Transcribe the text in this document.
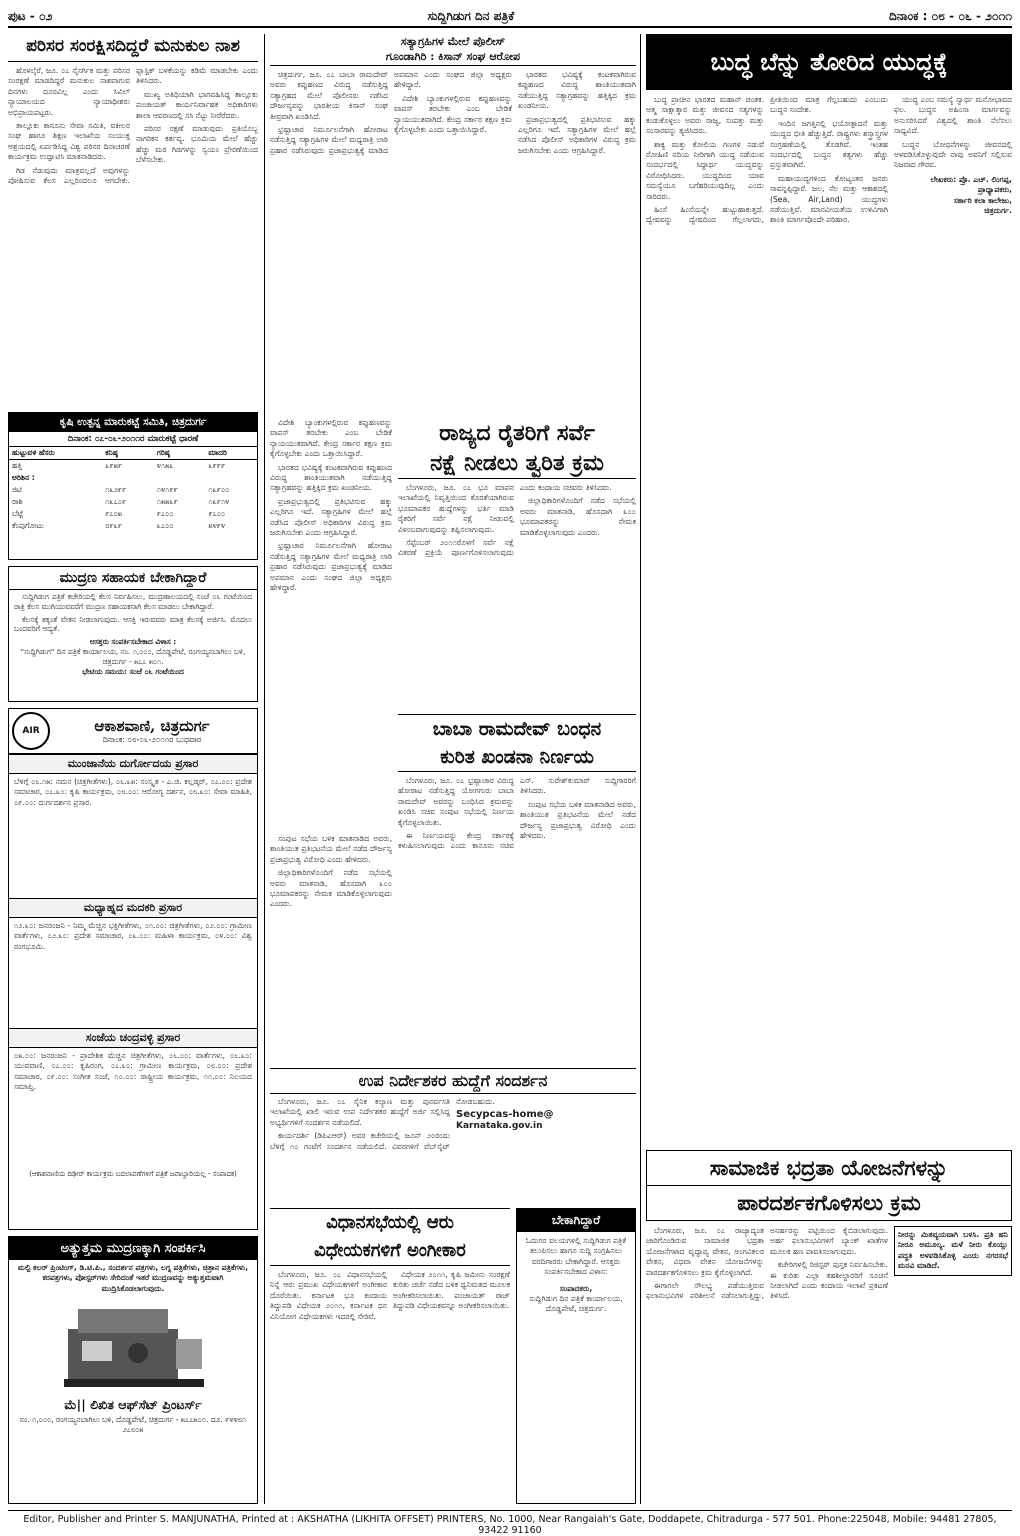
ಪುಟ - ೦೨	ಸುದ್ದಿಗಿಡುಗ ದಿನ ಪತ್ರಿಕೆ	ದಿನಾಂಕ : ೦೮ - ೦೬ - ೨೦೧೧
ಪರಿಸರ ಸಂರಕ್ಷಿಸದಿದ್ದರೆ ಮನುಕುಲ ನಾಶ

ಹೊಳಲ್ಕೆರೆ, ಜೂ. ೦೭ ನೈಸರ್ಗಿಕ ಮತ್ತು ಪರಿಸರ ಸಂರಕ್ಷಣೆ ಮಾಡದಿದ್ದರೆ ಮನುಕುಲ ನಾಶವಾಗುವ ದಿನಗಳು ದೂರವಿಲ್ಲ ಎಂದು ಸಿವಿಲ್ ನ್ಯಾಯಾಲಯದ ನ್ಯಾಯಾಧೀಶರು ಅಭಿಪ್ರಾಯಪಟ್ಟರು.

ತಾಲ್ಲೂಕು ಕಾನೂನು ಸೇವಾ ಸಮಿತಿ, ವಕೀಲರ ಸಂಘ ಹಾಗೂ ಶಿಕ್ಷಣ ಇಲಾಖೆಯ ಸಂಯುಕ್ತ ಆಶ್ರಯದಲ್ಲಿ ಏರ್ಪಡಿಸಿದ್ದ ವಿಶ್ವ ಪರಿಸರ ದಿನಾಚರಣೆ ಕಾರ್ಯಕ್ರಮ ಉದ್ಘಾಟಿಸಿ ಮಾತನಾಡಿದರು.

ಗಿಡ ನೆಡುವುದು ಮಾತ್ರವಲ್ಲದೆ ಅವುಗಳನ್ನು ಪೋಷಿಸುವ ಕೆಲಸ ಎಲ್ಲರಿಂದಲೂ ಆಗಬೇಕು. ಪ್ಲಾಸ್ಟಿಕ್ ಬಳಕೆಯನ್ನು ಕಡಿಮೆ ಮಾಡಬೇಕು ಎಂದು ತಿಳಿಸಿದರು.

ಮುಖ್ಯ ಅತಿಥಿಯಾಗಿ ಭಾಗವಹಿಸಿದ್ದ ತಾಲ್ಲೂಕು ಪಂಚಾಯತ್ ಕಾರ್ಯನಿರ್ವಾಹಕ ಅಧಿಕಾರಿಗಳು ಶಾಲಾ ಆವರಣದಲ್ಲಿ ಸಸಿ ನೆಟ್ಟು ನೀರೆರೆದರು.

ಪರಿಸರ ರಕ್ಷಣೆ ಮಾಡುವುದು ಪ್ರತಿಯೊಬ್ಬ ನಾಗರಿಕನ ಕರ್ತವ್ಯ. ಭೂಮಿಯ ಮೇಲೆ ಹೆಚ್ಚು ಹೆಚ್ಚು ಮರ ಗಿಡಗಳನ್ನು ಸ್ವಯಂ ಪ್ರೇರಣೆಯಿಂದ ಬೆಳೆಸಬೇಕು.

ಕೃಷಿ ಉತ್ಪನ್ನ ಮಾರುಕಟ್ಟೆ ಸಮಿತಿ, ಚಿತ್ರದುರ್ಗ
ದಿನಾಂಕ: ೦೭-೦೬-೨೦೧೧ರ ಮಾರುಕಟ್ಟೆ ಧಾರಣೆ
ಹುಟ್ಟುವಳಿ ಹೆಸರು	ಕನಿಷ್ಠ	ಗರಿಷ್ಠ	ಮಾದರಿ
ಹತ್ತಿ	೩೯೫೯	೪೧೫೩	೩೯೯೯
ಅರಿಶಿನ :			
ಜಿಟಿ	೧೩೨೯೯	೧೪೧೯೯	೧೩೯೦೦
ರಾಶಿ	೧೩೭೦೯	೧೫೫೩೯	೧೩೯೧೪
ಬೆಟ್ಟೆ	೯೭೦೫	೯೭೦೦	೯೭೦೦
ಕೆಂಪುಗೋಟು	೮೯೩೯	೩೭೦೦	೫೪೯೪
ಮುದ್ರಣ ಸಹಾಯಕ ಬೇಕಾಗಿದ್ದಾರೆ

ಸುದ್ದಿಗಿಡುಗ ಪತ್ರಿಕೆ ಕಚೇರಿಯಲ್ಲಿ ಕೆಲಸ ನಿರ್ವಹಿಸಲು, ಮುದ್ರಣಾಲಯದಲ್ಲಿ ಸಂಜೆ ೦೬ ಗಂಟೆಯಿಂದ ರಾತ್ರಿ ಕೆಲಸ ಮುಗಿಯುವವರೆಗೆ ಮುದ್ರಣ ಸಹಾಯಕನಾಗಿ ಕೆಲಸ ಮಾಡಲು ಬೇಕಾಗಿದ್ದಾರೆ.

ಕೆಲಸಕ್ಕೆ ತಕ್ಕಂತೆ ವೇತನ ನೀಡಲಾಗುವುದು. ಆಸಕ್ತಿ ಇರುವವರು ಮಾತ್ರ ಕೆಲಸಕ್ಕೆ ಅರ್ಜಿಸಿ. ಮೊದಲು ಬಂದವರಿಗೆ ಆದ್ಯತೆ.

ಆಸಕ್ತರು ಸಂಪರ್ಕಿಸಬೇಕಾದ ವಿಳಾಸ :
"ಸುದ್ದಿಗಿಡುಗ" ದಿನ ಪತ್ರಿಕೆ ಕಾರ್ಯಾಲಯ, ನಂ. ೧,೦೦೦, ದೊಡ್ಡಪೇಟೆ, ರಂಗಯ್ಯನಬಾಗಿಲು ಬಳಿ, ಚಿತ್ರದುರ್ಗ - ೫೭೭ ೫೦೧.
ಭೇಟಿಯ ಸಮಯ: ಸಂಜೆ ೦೬ ಗಂಟೆಯಿಂದ
AIR	ಆಕಾಶವಾಣಿ, ಚಿತ್ರದುರ್ಗ
ದಿನಾಂಕ: ೦೮-೦೬-೨೦೧೧ರ ಬುಧವಾರ
ಮುಂಜಾನೆಯ ದುರ್ಗೋದಯ ಪ್ರಸಾರ
ಬೆಳಿಗ್ಗೆ ೦೬.೧೫: ನಮನ (ಚಿತ್ರಗೀತೆಗಳು), ೦೬.೩೫: ಸಂಸ್ಕೃತ - ಎ.ಜಿ. ಕಲ್ಲಡ್ಕರ್, ೦೭.೦೦: ಪ್ರದೇಶ ಸಮಾಚಾರ, ೦೭.೩೦: ಕೃಷಿ ಕಾರ್ಯಕ್ರಮ, ೦೮.೦೦: ಆರೋಗ್ಯ ದರ್ಶನ, ೦೮.೩೦: ಸೇವಾ ಮಾಹಿತಿ, ೦೯.೦೦: ದುರ್ಗದರ್ಶನ ಪ್ರಸಾರ.
ಮಧ್ಯಾಹ್ನದ ಮದಕರಿ ಪ್ರಸಾರ
೧೨.೩೦: ಜನರಂಜನಿ - ನಿಮ್ಮ ಮೆಚ್ಚಿನ ಭಕ್ತಿಗೀತೆಗಳು, ೦೧.೦೦: ಚಿತ್ರಗೀತೆಗಳು, ೦೨.೦೦: ಗ್ರಾಮೀಣ ವಾರ್ತೆಗಳು, ೦೨.೩೦: ಪ್ರದೇಶ ಸಮಾಚಾರ, ೦೩.೦೦: ಮಹಿಳಾ ಕಾರ್ಯಕ್ರಮ, ೦೪.೦೦: ವಿಶ್ವ ರಂಗಭೂಮಿ.
ಸಂಜೆಯ ಚಂದ್ರವಳ್ಳಿ ಪ್ರಸಾರ
೦೫.೦೦: ಜನರಂಜನಿ - ಪ್ರಾದೇಶಿಕ ಮೆಚ್ಚಿನ ಚಿತ್ರಗೀತೆಗಳು, ೦೬.೦೦: ವಾರ್ತೆಗಳು, ೦೬.೩೦: ಯುವವಾಣಿ, ೦೭.೦೦: ಕೃಷಿರಂಗ, ೦೭.೩೦: ಗ್ರಾಮೀಣ ಕಾರ್ಯಕ್ರಮ, ೦೮.೦೦: ಪ್ರದೇಶ ಸಮಾಚಾರ, ೦೯.೦೦: ಸಂಗೀತ ಸಂಜೆ, ೧೦.೦೦: ರಾಷ್ಟ್ರೀಯ ಕಾರ್ಯಕ್ರಮ, ೧೧.೦೦: ನಿಲಯದ ಸಮಾಪ್ತಿ.
(ಆಕಾಶವಾಣಿಯ ದಿಢೀರ್ ಕಾರ್ಯಕ್ರಮ ಬದಲಾವಣೆಗಳಿಗೆ ಪತ್ರಿಕೆ ಜವಾಬ್ದಾರಿಯಲ್ಲ - ಸಂಪಾದಕ)
ಅತ್ಯುತ್ತಮ ಮುದ್ರಣಕ್ಕಾಗಿ ಸಂಪರ್ಕಿಸಿ
ಮಲ್ಟಿ ಕಲರ್ ಪ್ರಿಂಟಿಂಗ್, ಡಿ.ಟಿ.ಪಿ., ಸಂದರ್ಶನ ಪತ್ರಗಳು, ಲಗ್ನ ಪತ್ರಿಕೆಗಳು, ಚಿತ್ರಾನ ಪತ್ರಿಕೆಗಳು, ಕರಪತ್ರಗಳು, ಪೋಸ್ಟರ್‌ಗಳು ಸೇರಿದಂತೆ ಇತರೆ ಮುದ್ರಣವನ್ನು ಅತ್ಯುತ್ತಮವಾಗಿ ಮುದ್ರಿಸಿಕೊಡಲಾಗುವುದು.
ಮೆ|| ಲಿಖಿತ ಆಫ್‌ಸೆಟ್ ಪ್ರಿಂಟರ್ಸ್
ನಂ. ೧,೦೦೦, ರಂಗಯ್ಯನಬಾಗಿಲು ಬಳಿ, ದೊಡ್ಡಪೇಟೆ, ಚಿತ್ರದುರ್ಗ - ೫೭೭೫೦೧. ದೂ. ೯೪೪೮೧ ೨೭೮೦೫
ಸತ್ಯಾಗ್ರಹಿಗಳ ಮೇಲೆ ಪೊಲೀಸ್
ಗೂಂಡಾಗಿರಿ : ಕಿಸಾನ್ ಸಂಘ ಆರೋಪ

ಚಿತ್ರದುರ್ಗ, ಜೂ. ೦೭ ಬಾಬಾ ರಾಮದೇವ್ ಅವರು ಕಪ್ಪುಹಣದ ವಿರುದ್ಧ ನಡೆಸುತ್ತಿದ್ದ ಸತ್ಯಾಗ್ರಹದ ಮೇಲೆ ಪೊಲೀಸರು ನಡೆಸಿದ ದೌರ್ಜನ್ಯವನ್ನು ಭಾರತೀಯ ಕಿಸಾನ್ ಸಂಘ ತೀವ್ರವಾಗಿ ಖಂಡಿಸಿದೆ.

ಭ್ರಷ್ಟಾಚಾರ ನಿರ್ಮೂಲನೆಗಾಗಿ ಹೋರಾಟ ನಡೆಸುತ್ತಿದ್ದ ಸತ್ಯಾಗ್ರಹಿಗಳ ಮೇಲೆ ಮಧ್ಯರಾತ್ರಿ ಲಾಠಿ ಪ್ರಹಾರ ನಡೆಸಿರುವುದು ಪ್ರಜಾಪ್ರಭುತ್ವಕ್ಕೆ ಮಾಡಿದ ಅಪಮಾನ ಎಂದು ಸಂಘದ ಜಿಲ್ಲಾ ಅಧ್ಯಕ್ಷರು ಹೇಳಿದ್ದಾರೆ.

ವಿದೇಶಿ ಬ್ಯಾಂಕುಗಳಲ್ಲಿರುವ ಕಪ್ಪುಹಣವನ್ನು ವಾಪಸ್ ತರಬೇಕು ಎಂಬ ಬೇಡಿಕೆ ನ್ಯಾಯಯುತವಾಗಿದೆ. ಕೇಂದ್ರ ಸರ್ಕಾರ ತಕ್ಷಣ ಕ್ರಮ ಕೈಗೊಳ್ಳಬೇಕು ಎಂದು ಒತ್ತಾಯಿಸಿದ್ದಾರೆ.

ಭಾರತದ ಭವಿಷ್ಯಕ್ಕೆ ಕಂಟಕವಾಗಿರುವ ಕಪ್ಪುಹಣದ ವಿರುದ್ಧ ಶಾಂತಿಯುತವಾಗಿ ನಡೆಯುತ್ತಿದ್ದ ಸತ್ಯಾಗ್ರಹವನ್ನು ಹತ್ತಿಕ್ಕಿದ ಕ್ರಮ ಖಂಡನೀಯ.

ಪ್ರಜಾಪ್ರಭುತ್ವದಲ್ಲಿ ಪ್ರತಿಭಟಿಸುವ ಹಕ್ಕು ಎಲ್ಲರಿಗೂ ಇದೆ. ಸತ್ಯಾಗ್ರಹಿಗಳ ಮೇಲೆ ಹಲ್ಲೆ ನಡೆಸಿದ ಪೊಲೀಸ್ ಅಧಿಕಾರಿಗಳ ವಿರುದ್ಧ ಕ್ರಮ ಜರುಗಿಸಬೇಕು ಎಂದು ಆಗ್ರಹಿಸಿದ್ದಾರೆ.

ರಾಜ್ಯದ ರೈತರಿಗೆ ಸರ್ವೆ
ನಕ್ಷೆ ನೀಡಲು ತ್ವರಿತ ಕ್ರಮ

ಬೆಂಗಳೂರು, ಜೂ. ೦೭ ಭೂ ಮಾಪನ ಇಲಾಖೆಯಲ್ಲಿ ನಿವೃತ್ತಿಯಿಂದ ಕೊರತೆಯಾಗಿರುವ ಭೂಮಾಪಕರ ಹುದ್ದೆಗಳನ್ನು ಭರ್ತಿ ಮಾಡಿ ರೈತರಿಗೆ ಸರ್ವೆ ನಕ್ಷೆ ನೀಡುವಲ್ಲಿ ವಿಳಂಬವಾಗುವುದನ್ನು ತಪ್ಪಿಸಲಾಗುವುದು.

ಸೆಪ್ಟೆಂಬರ್ ೨೦೧೧ರೊಳಗೆ ಸರ್ವೆ ನಕ್ಷೆ ವಿತರಣೆ ಪ್ರಕ್ರಿಯೆ ಪೂರ್ಣಗೊಳಿಸಲಾಗುವುದು ಎಂದು ಕಂದಾಯ ಸಚಿವರು ತಿಳಿಸಿದರು.

ಜಿಲ್ಲಾಧಿಕಾರಿಗಳೊಂದಿಗೆ ನಡೆದ ಸಭೆಯಲ್ಲಿ ಅವರು ಮಾತನಾಡಿ, ಹೊಸದಾಗಿ ೩೦೦ ಭೂಮಾಪಕರನ್ನು ನೇಮಕ ಮಾಡಿಕೊಳ್ಳಲಾಗುವುದು ಎಂದರು.

ವಿದೇಶಿ ಬ್ಯಾಂಕುಗಳಲ್ಲಿರುವ ಕಪ್ಪುಹಣವನ್ನು ವಾಪಸ್ ತರಬೇಕು ಎಂಬ ಬೇಡಿಕೆ ನ್ಯಾಯಯುತವಾಗಿದೆ. ಕೇಂದ್ರ ಸರ್ಕಾರ ತಕ್ಷಣ ಕ್ರಮ ಕೈಗೊಳ್ಳಬೇಕು ಎಂದು ಒತ್ತಾಯಿಸಿದ್ದಾರೆ.

ಭಾರತದ ಭವಿಷ್ಯಕ್ಕೆ ಕಂಟಕವಾಗಿರುವ ಕಪ್ಪುಹಣದ ವಿರುದ್ಧ ಶಾಂತಿಯುತವಾಗಿ ನಡೆಯುತ್ತಿದ್ದ ಸತ್ಯಾಗ್ರಹವನ್ನು ಹತ್ತಿಕ್ಕಿದ ಕ್ರಮ ಖಂಡನೀಯ.

ಪ್ರಜಾಪ್ರಭುತ್ವದಲ್ಲಿ ಪ್ರತಿಭಟಿಸುವ ಹಕ್ಕು ಎಲ್ಲರಿಗೂ ಇದೆ. ಸತ್ಯಾಗ್ರಹಿಗಳ ಮೇಲೆ ಹಲ್ಲೆ ನಡೆಸಿದ ಪೊಲೀಸ್ ಅಧಿಕಾರಿಗಳ ವಿರುದ್ಧ ಕ್ರಮ ಜರುಗಿಸಬೇಕು ಎಂದು ಆಗ್ರಹಿಸಿದ್ದಾರೆ.

ಭ್ರಷ್ಟಾಚಾರ ನಿರ್ಮೂಲನೆಗಾಗಿ ಹೋರಾಟ ನಡೆಸುತ್ತಿದ್ದ ಸತ್ಯಾಗ್ರಹಿಗಳ ಮೇಲೆ ಮಧ್ಯರಾತ್ರಿ ಲಾಠಿ ಪ್ರಹಾರ ನಡೆಸಿರುವುದು ಪ್ರಜಾಪ್ರಭುತ್ವಕ್ಕೆ ಮಾಡಿದ ಅಪಮಾನ ಎಂದು ಸಂಘದ ಜಿಲ್ಲಾ ಅಧ್ಯಕ್ಷರು ಹೇಳಿದ್ದಾರೆ.

ಬಾಬಾ ರಾಮದೇವ್ ಬಂಧನ
ಕುರಿತ ಖಂಡನಾ ನಿರ್ಣಯ

ಬೆಂಗಳೂರು, ಜೂ. ೦೭ ಭ್ರಷ್ಟಾಚಾರ ವಿರುದ್ಧ ಹೋರಾಟ ನಡೆಸುತ್ತಿದ್ದ ಯೋಗಗುರು ಬಾಬಾ ರಾಮದೇವ್ ಅವರನ್ನು ಬಂಧಿಸಿದ ಕ್ರಮವನ್ನು ಖಂಡಿಸಿ ಸಚಿವ ಸಂಪುಟ ಸಭೆಯಲ್ಲಿ ನಿರ್ಣಯ ಕೈಗೊಳ್ಳಲಾಯಿತು.

ಈ ನಿರ್ಣಯವನ್ನು ಕೇಂದ್ರ ಸರ್ಕಾರಕ್ಕೆ ಕಳುಹಿಸಲಾಗುವುದು ಎಂದು ಕಾನೂನು ಸಚಿವ ಎಸ್. ಸುರೇಶ್‌ಕುಮಾರ್ ಸುದ್ದಿಗಾರರಿಗೆ ತಿಳಿಸಿದರು.

ಸಂಪುಟ ಸಭೆಯ ಬಳಿಕ ಮಾತನಾಡಿದ ಅವರು, ಶಾಂತಿಯುತ ಪ್ರತಿಭಟನೆಯ ಮೇಲೆ ನಡೆದ ದೌರ್ಜನ್ಯ ಪ್ರಜಾಪ್ರಭುತ್ವ ವಿರೋಧಿ ಎಂದು ಹೇಳಿದರು.

ಸಂಪುಟ ಸಭೆಯ ಬಳಿಕ ಮಾತನಾಡಿದ ಅವರು, ಶಾಂತಿಯುತ ಪ್ರತಿಭಟನೆಯ ಮೇಲೆ ನಡೆದ ದೌರ್ಜನ್ಯ ಪ್ರಜಾಪ್ರಭುತ್ವ ವಿರೋಧಿ ಎಂದು ಹೇಳಿದರು.

ಜಿಲ್ಲಾಧಿಕಾರಿಗಳೊಂದಿಗೆ ನಡೆದ ಸಭೆಯಲ್ಲಿ ಅವರು ಮಾತನಾಡಿ, ಹೊಸದಾಗಿ ೩೦೦ ಭೂಮಾಪಕರನ್ನು ನೇಮಕ ಮಾಡಿಕೊಳ್ಳಲಾಗುವುದು ಎಂದರು.

ಉಪ ನಿರ್ದೇಶಕರ ಹುದ್ದೆಗೆ ಸಂದರ್ಶನ

ಬೆಂಗಳೂರು, ಜೂ. ೦೭ ಸೈನಿಕ ಕಲ್ಯಾಣ ಮತ್ತು ಪುನರ್ವಸತಿ ಇಲಾಖೆಯಲ್ಲಿ ಖಾಲಿ ಇರುವ ಉಪ ನಿರ್ದೇಶಕರ ಹುದ್ದೆಗೆ ಅರ್ಜಿ ಸಲ್ಲಿಸಿದ್ದ ಅಭ್ಯರ್ಥಿಗಳಿಗೆ ಸಂದರ್ಶನ ನಡೆಯಲಿದೆ.

ಕಾರ್ಯದರ್ಶಿ (ಡಿಪಿಎಆರ್) ಅವರ ಕಚೇರಿಯಲ್ಲಿ ಜೂನ್ ೨೦ರಂದು ಬೆಳಿಗ್ಗೆ ೧೦ ಗಂಟೆಗೆ ಸಂದರ್ಶನ ನಡೆಯಲಿದೆ. ವಿವರಗಳಿಗೆ ವೆಬ್‌ಸೈಟ್ ನೋಡಬಹುದು.

Secypcas-home@
Karnataka.gov.in
ವಿಧಾನಸಭೆಯಲ್ಲಿ ಆರು
ವಿಧೇಯಕಗಳಿಗೆ ಅಂಗೀಕಾರ

ಬೆಂಗಳೂರು, ಜೂ. ೦೭ ವಿಧಾನಸಭೆಯಲ್ಲಿ ನಿನ್ನೆ ಆರು ಪ್ರಮುಖ ವಿಧೇಯಕಗಳಿಗೆ ಅಂಗೀಕಾರ ದೊರೆಯಿತು. ಕರ್ನಾಟಕ ಭೂ ಕಂದಾಯ ತಿದ್ದುಪಡಿ ವಿಧೇಯಕ ೨೦೧೧, ಕರ್ನಾಟಕ ಧನ ವಿನಿಯೋಗ ವಿಧೇಯಕಗಳು ಇದರಲ್ಲಿ ಸೇರಿವೆ.

ವಿಧೇಯಕ ೨೦೧೧, ಕೃಷಿ ಜಮೀನು ಸಂರಕ್ಷಣೆ ಕುರಿತು ಚರ್ಚೆ ನಡೆದ ಬಳಿಕ ಧ್ವನಿಮತದ ಮೂಲಕ ಅಂಗೀಕರಿಸಲಾಯಿತು. ಪಂಚಾಯತ್ ರಾಜ್ ತಿದ್ದುಪಡಿ ವಿಧೇಯಕವನ್ನೂ ಅಂಗೀಕರಿಸಲಾಯಿತು.

ಬೇಕಾಗಿದ್ದಾರೆ

ಓದುಗರ ವಲಯಗಳಲ್ಲಿ ಸುದ್ದಿಗಿಡುಗ ಪತ್ರಿಕೆ ತಲುಪಿಸಲು ಹಾಗೂ ಸುದ್ದಿ ಸಂಗ್ರಹಿಸಲು ವರದಿಗಾರರು ಬೇಕಾಗಿದ್ದಾರೆ. ಆಸಕ್ತರು ಸಂಪರ್ಕಿಸಬೇಕಾದ ವಿಳಾಸ:

ಸಂಪಾದಕರು,
ಸುದ್ದಿಗಿಡುಗ ದಿನ ಪತ್ರಿಕೆ ಕಾರ್ಯಾಲಯ, ದೊಡ್ಡಪೇಟೆ, ಚಿತ್ರದುರ್ಗ.
ಬುದ್ಧ ಬೆನ್ನು ತೋರಿದ ಯುದ್ಧಕ್ಕೆ

ಬುದ್ಧ ಪ್ರಾಚೀನ ಭಾರತದ ಮಹಾನ್ ಚಿಂತಕ. ಆತ್ಮ ಸಾಕ್ಷಾತ್ಕಾರ ಮತ್ತು ಜೀವನದ ಸತ್ಯಗಳನ್ನು ಕಂಡುಕೊಳ್ಳಲು ಅವರು ರಾಜ್ಯ, ಸಂಪತ್ತು ಮತ್ತು ಸಂಸಾರವನ್ನು ತ್ಯಜಿಸಿದರು.

ಶಾಕ್ಯ ಮತ್ತು ಕೋಲಿಯ ಗಣಗಳ ನಡುವೆ ರೋಹಿಣಿ ನದಿಯ ನೀರಿಗಾಗಿ ಯುದ್ಧ ನಡೆಯುವ ಸಂದರ್ಭದಲ್ಲಿ ಸಿದ್ಧಾರ್ಥ ಯುದ್ಧವನ್ನು ವಿರೋಧಿಸಿದರು. ಯುದ್ಧದಿಂದ ಯಾವ ಸಮಸ್ಯೆಯೂ ಬಗೆಹರಿಯುವುದಿಲ್ಲ ಎಂದು ಸಾರಿದರು.

ಹಿಂಸೆ ಹಿಂಸೆಯನ್ನೇ ಹುಟ್ಟುಹಾಕುತ್ತದೆ. ದ್ವೇಷವನ್ನು ದ್ವೇಷದಿಂದ ಗೆಲ್ಲಲಾಗದು, ಪ್ರೀತಿಯಿಂದ ಮಾತ್ರ ಗೆಲ್ಲಬಹುದು ಎಂಬುದು ಬುದ್ಧನ ಸಂದೇಶ.

ಇಂದಿನ ಜಗತ್ತಿನಲ್ಲಿ ಭಯೋತ್ಪಾದನೆ ಮತ್ತು ಯುದ್ಧದ ಭೀತಿ ಹೆಚ್ಚುತ್ತಿದೆ. ರಾಷ್ಟ್ರಗಳು ಶಸ್ತ್ರಾಸ್ತ್ರಗಳ ಸಂಗ್ರಹಣೆಯಲ್ಲಿ ತೊಡಗಿವೆ. ಇಂತಹ ಸಂದರ್ಭದಲ್ಲಿ ಬುದ್ಧನ ತತ್ವಗಳು ಹೆಚ್ಚು ಪ್ರಸ್ತುತವಾಗಿವೆ.

ಮಹಾಯುದ್ಧಗಳಿಂದ ಕೋಟ್ಯಂತರ ಜನರು ಸಾವನ್ನಪ್ಪಿದ್ದಾರೆ. ಜಲ, ನೆಲ ಮತ್ತು ಆಕಾಶದಲ್ಲಿ (Sea, Air,Land) ಯುದ್ಧಗಳು ನಡೆಯುತ್ತಿವೆ. ಮಾನವೀಯತೆಯ ಉಳಿವಿಗಾಗಿ ಶಾಂತಿ ಮಾರ್ಗವೊಂದೇ ಪರಿಹಾರ.

ಯುದ್ಧ ಎಂಬ ಸಮಸ್ಯೆ ಸ್ವಾರ್ಥ ಮನೋಭಾವದ ಫಲ. ಬುದ್ಧನ ಅಹಿಂಸಾ ಮಾರ್ಗವನ್ನು ಅನುಸರಿಸಿದರೆ ವಿಶ್ವದಲ್ಲಿ ಶಾಂತಿ ನೆಲೆಸಲು ಸಾಧ್ಯವಿದೆ.

ಬುದ್ಧನ ಬೋಧನೆಗಳನ್ನು ಜೀವನದಲ್ಲಿ ಅಳವಡಿಸಿಕೊಳ್ಳುವುದೇ ನಾವು ಅವನಿಗೆ ಸಲ್ಲಿಸುವ ನಿಜವಾದ ಗೌರವ.

ಲೇಖಕರು: ಪ್ರೊ. ಎಚ್. ಲಿಂಗಪ್ಪ,
ಪ್ರಾಧ್ಯಾಪಕರು,
ಸರ್ಕಾರಿ ಕಲಾ ಕಾಲೇಜು,
ಚಿತ್ರದುರ್ಗ.
ಸಾಮಾಜಿಕ ಭದ್ರತಾ ಯೋಜನೆಗಳನ್ನು
ಪಾರದರ್ಶಕಗೊಳಿಸಲು ಕ್ರಮ

ಬೆಂಗಳೂರು, ಜೂ. ೦೭ ರಾಜ್ಯಾದ್ಯಂತ ಜಾರಿಗೊಂಡಿರುವ ಸಾಮಾಜಿಕ ಭದ್ರತಾ ಯೋಜನೆಗಳಾದ ವೃದ್ಧಾಪ್ಯ ವೇತನ, ಅಂಗವಿಕಲರ ವೇತನ, ವಿಧವಾ ವೇತನ ಯೋಜನೆಗಳನ್ನು ಪಾರದರ್ಶಕಗೊಳಿಸಲು ಕ್ರಮ ಕೈಗೊಳ್ಳಲಾಗಿದೆ.

ಈಗಾಗಲೇ ಸೌಲಭ್ಯ ಪಡೆಯುತ್ತಿರುವ ಫಲಾನುಭವಿಗಳ ಪರಿಶೀಲನೆ ನಡೆಸಲಾಗುತ್ತಿದ್ದು, ಅನರ್ಹರನ್ನು ಪಟ್ಟಿಯಿಂದ ಕೈಬಿಡಲಾಗುವುದು. ಅರ್ಹ ಫಲಾನುಭವಿಗಳಿಗೆ ಬ್ಯಾಂಕ್ ಖಾತೆಗಳ ಮೂಲಕ ಹಣ ಪಾವತಿಸಲಾಗುವುದು.

ಕಚೇರಿಗಳಲ್ಲಿ ರಿಜಿಸ್ಟರ್ ಪುಸ್ತಕ ನಿರ್ವಹಿಸಬೇಕು. ಈ ಕುರಿತು ಎಲ್ಲಾ ತಹಶೀಲ್ದಾರರಿಗೆ ಸೂಚನೆ ನೀಡಲಾಗಿದೆ ಎಂದು ಕಂದಾಯ ಇಲಾಖೆ ಪ್ರಕಟಣೆ ತಿಳಿಸಿದೆ.

ನೀರನ್ನು ಮಿತವ್ಯಯವಾಗಿ ಬಳಸಿ. ಪ್ರತಿ ಹನಿ ನೀರೂ ಅಮೂಲ್ಯ. ಮಳೆ ನೀರು ಕೊಯ್ಲು ಪದ್ಧತಿ ಅಳವಡಿಸಿಕೊಳ್ಳಿ ಎಂದು ನಗರಸಭೆ ಮನವಿ ಮಾಡಿದೆ.
Editor, Publisher and Printer S. MANJUNATHA, Printed at : AKSHATHA (LIKHITA OFFSET) PRINTERS, No. 1000, Near Rangaiah's Gate, Doddapete, Chitradurga - 577 501. Phone:225048, Mobile: 94481 27805, 93422 91160
